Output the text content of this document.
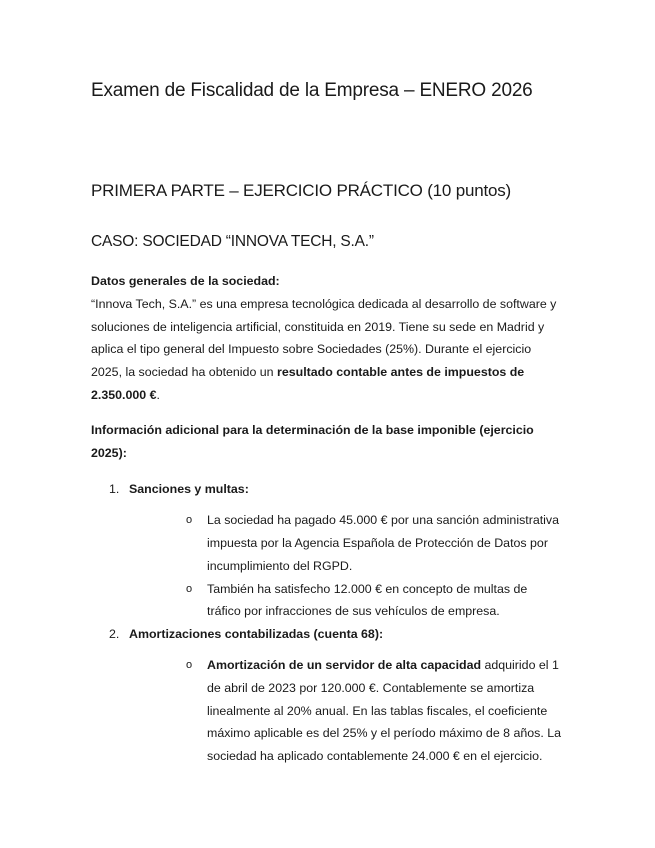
Examen de Fiscalidad de la Empresa – ENERO 2026
PRIMERA PARTE – EJERCICIO PRÁCTICO (10 puntos)
CASO: SOCIEDAD “INNOVA TECH, S.A.”

Datos generales de la sociedad:

“Innova Tech, S.A.” es una empresa tecnológica dedicada al desarrollo de software y soluciones de inteligencia artificial, constituida en 2019. Tiene su sede en Madrid y aplica el tipo general del Impuesto sobre Sociedades (25%). Durante el ejercicio 2025, la sociedad ha obtenido un resultado contable antes de impuestos de 2.350.000 €.

Información adicional para la determinación de la base imponible (ejercicio 2025):

1. Sanciones y multas:
o La sociedad ha pagado 45.000 € por una sanción administrativa impuesta por la Agencia Española de Protección de Datos por incumplimiento del RGPD.
o También ha satisfecho 12.000 € en concepto de multas de tráfico por infracciones de sus vehículos de empresa.
2. Amortizaciones contabilizadas (cuenta 68):
o Amortización de un servidor de alta capacidad adquirido el 1 de abril de 2023 por 120.000 €. Contablemente se amortiza linealmente al 20% anual. En las tablas fiscales, el coeficiente máximo aplicable es del 25% y el período máximo de 8 años. La sociedad ha aplicado contablemente 24.000 € en el ejercicio.
